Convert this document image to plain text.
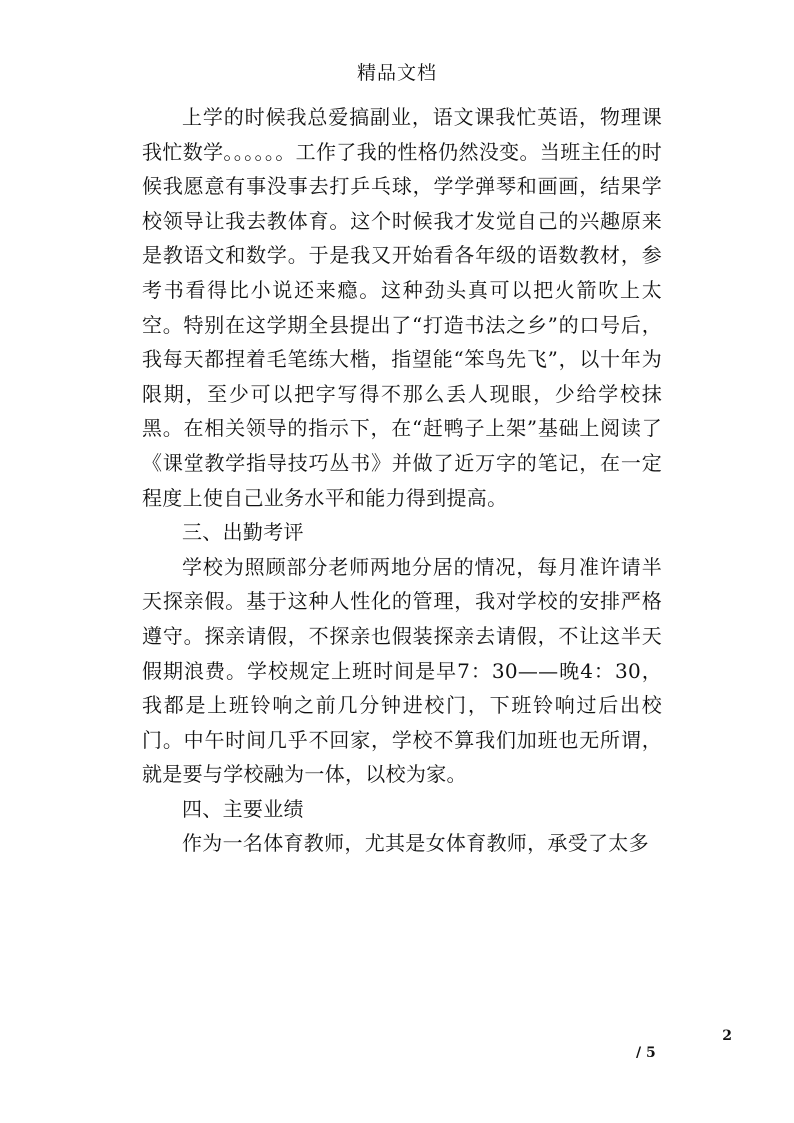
精品文档

上学的时候我总爱搞副业，语文课我忙英语，物理课我忙数学。。。。。。工作了我的性格仍然没变。当班主任的时候我愿意有事没事去打乒乓球，学学弹琴和画画，结果学校领导让我去教体育。这个时候我才发觉自己的兴趣原来是教语文和数学。于是我又开始看各年级的语数教材，参考书看得比小说还来瘾。这种劲头真可以把火箭吹上太空。特别在这学期全县提出了“打造书法之乡”的口号后，我每天都捏着毛笔练大楷，指望能“笨鸟先飞”，以十年为限期，至少可以把字写得不那么丢人现眼，少给学校抹黑。在相关领导的指示下，在“赶鸭子上架”基础上阅读了《课堂教学指导技巧丛书》并做了近万字的笔记，在一定程度上使自己业务水平和能力得到提高。

三、出勤考评

学校为照顾部分老师两地分居的情况，每月准许请半天探亲假。基于这种人性化的管理，我对学校的安排严格遵守。探亲请假，不探亲也假装探亲去请假，不让这半天假期浪费。学校规定上班时间是早7：30——晚4：30，我都是上班铃响之前几分钟进校门，下班铃响过后出校门。中午时间几乎不回家，学校不算我们加班也无所谓，就是要与学校融为一体，以校为家。

四、主要业绩

作为一名体育教师，尤其是女体育教师，承受了太多

2
/ 5
